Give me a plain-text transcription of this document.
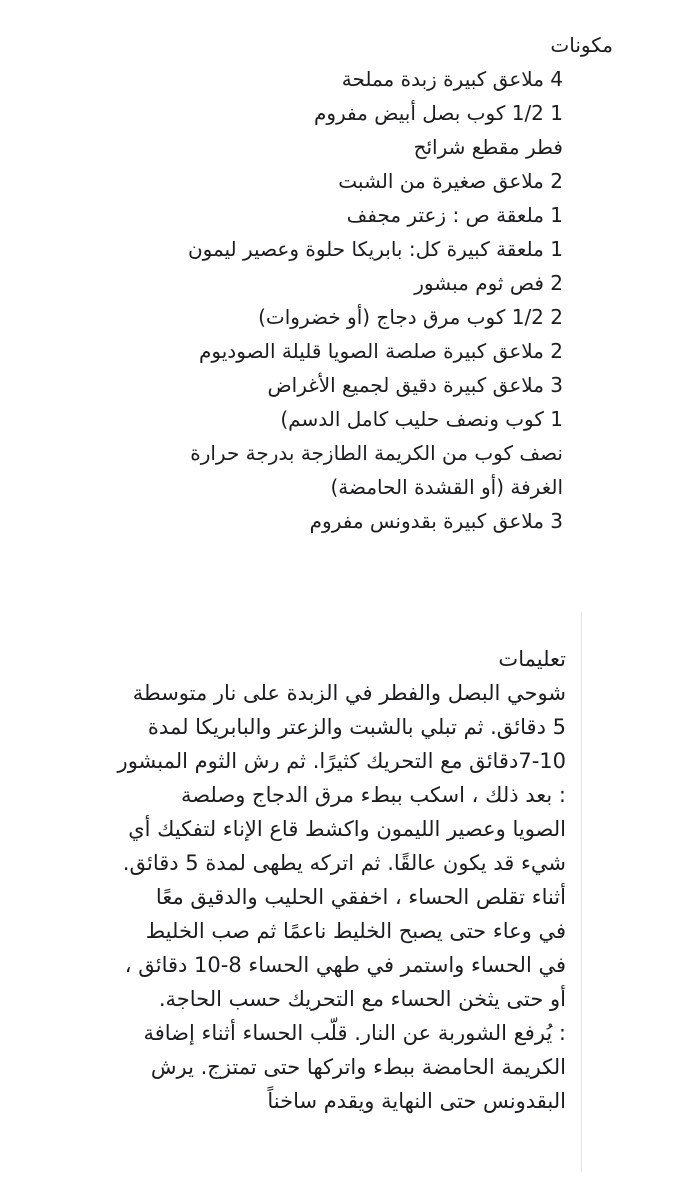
مكونات
4 ملاعق كبيرة زبدة مملحة
1 1/2 كوب بصل أبيض مفروم
فطر مقطع شرائح
2 ملاعق صغيرة من الشبت
1 ملعقة ص : زعتر مجفف
1 ملعقة كبيرة كل: بابريكا حلوة وعصير ليمون
2 فص ثوم مبشور
2 1/2 كوب مرق دجاج (أو خضروات)
2 ملاعق كبيرة صلصة الصويا قليلة الصوديوم
3 ملاعق كبيرة دقيق لجميع الأغراض
1 كوب ونصف حليب كامل الدسم)
نصف كوب من الكريمة الطازجة بدرجة حرارة الغرفة (أو القشدة الحامضة)
3 ملاعق كبيرة بقدونس مفروم
تعليمات
شوحي البصل والفطر في الزبدة على نار متوسطة
5 دقائق. ثم تبلي بالشبت والزعتر والبابريكا لمدة
7-10دقائق مع التحريك كثيرًا. ثم رش الثوم المبشور
: بعد ذلك ، اسكب ببطء مرق الدجاج وصلصة
الصويا وعصير الليمون واكشط قاع الإناء لتفكيك أي
شيء قد يكون عالقًا. ثم اتركه يطهى لمدة 5 دقائق.
أثناء تقلص الحساء ، اخفقي الحليب والدقيق معًا
في وعاء حتى يصبح الخليط ناعمًا ثم صب الخليط
في الحساء واستمر في طهي الحساء 8-10 دقائق ،
أو حتى يثخن الحساء مع التحريك حسب الحاجة.
: يُرفع الشوربة عن النار. قلّب الحساء أثناء إضافة
الكريمة الحامضة ببطء واتركها حتى تمتزج. يرش
البقدونس حتى النهاية ويقدم ساخناً
